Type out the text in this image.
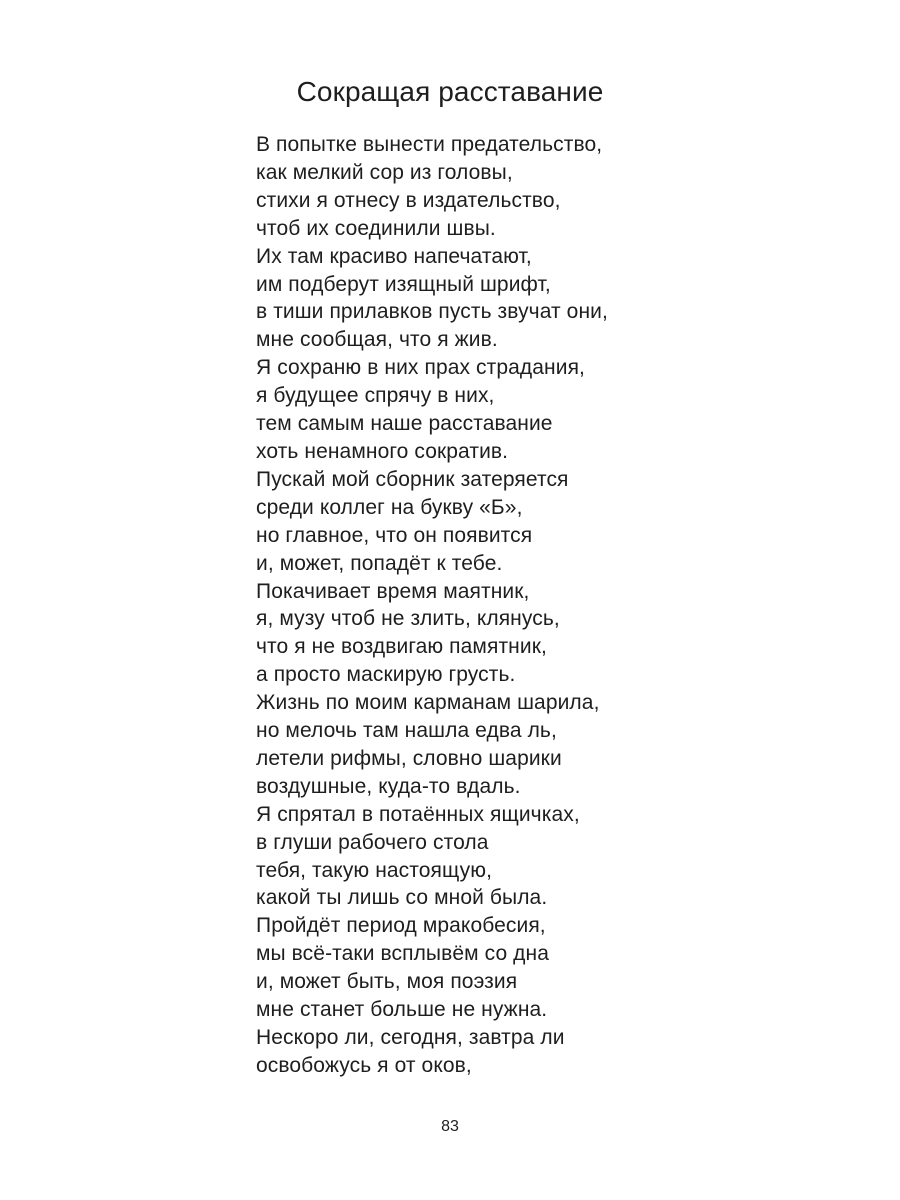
Сокращая расставание
В попытке вынести предательство,
как мелкий сор из головы,
стихи я отнесу в издательство,
чтоб их соединили швы.
Их там красиво напечатают,
им подберут изящный шрифт,
в тиши прилавков пусть звучат они,
мне сообщая, что я жив.
Я сохраню в них прах страдания,
я будущее спрячу в них,
тем самым наше расставание
хоть ненамного сократив.
Пускай мой сборник затеряется
среди коллег на букву «Б»,
но главное, что он появится
и, может, попадёт к тебе.
Покачивает время маятник,
я, музу чтоб не злить, клянусь,
что я не воздвигаю памятник,
а просто маскирую грусть.
Жизнь по моим карманам шарила,
но мелочь там нашла едва ль,
летели рифмы, словно шарики
воздушные, куда-то вдаль.
Я спрятал в потаённых ящичках,
в глуши рабочего стола
тебя, такую настоящую,
какой ты лишь со мной была.
Пройдёт период мракобесия,
мы всё-таки всплывём со дна
и, может быть, моя поэзия
мне станет больше не нужна.
Нескоро ли, сегодня, завтра ли
освобожусь я от оков,
83
